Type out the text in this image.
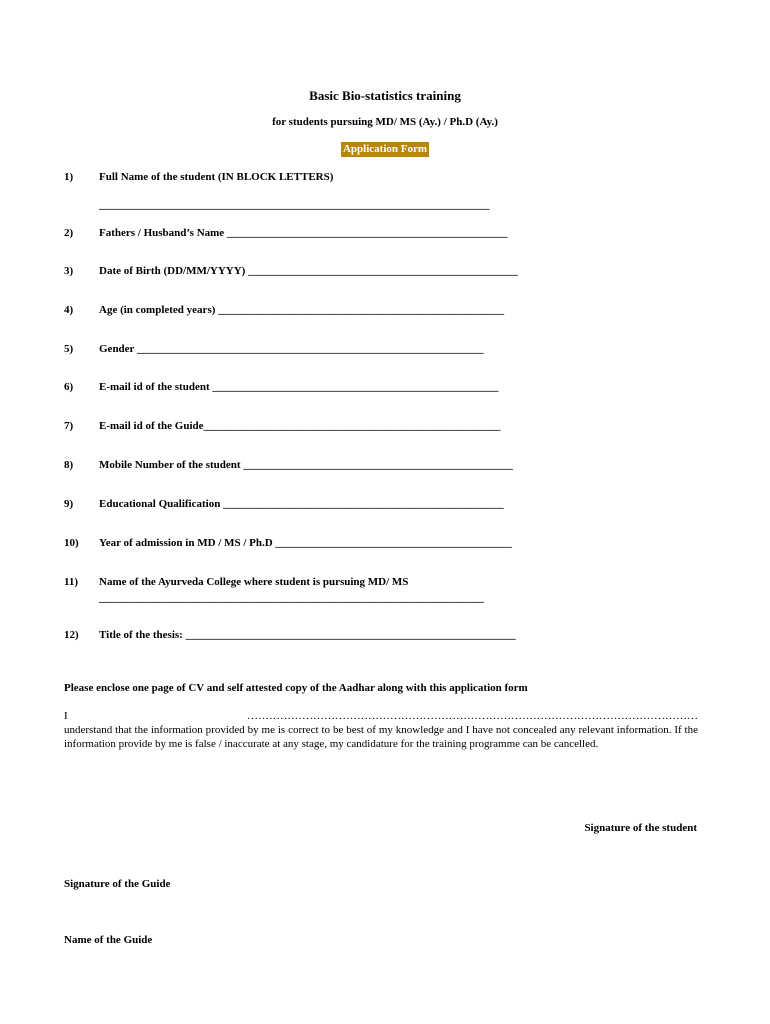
Basic Bio-statistics training
for students pursuing MD/ MS (Ay.) / Ph.D (Ay.)
Application Form
1) Full Name of the student (IN BLOCK LETTERS)
_______________________________________________________________________
2) Fathers / Husband’s Name ___________________________________________________
3) Date of Birth (DD/MM/YYYY) _________________________________________________
4) Age (in completed years) ____________________________________________________
5) Gender _______________________________________________________________
6) E-mail id of the student ____________________________________________________
7) E-mail id of the Guide______________________________________________________
8) Mobile Number of the student _________________________________________________
9) Educational Qualification ___________________________________________________
10) Year of admission in MD / MS / Ph.D ___________________________________________
11) Name of the Ayurveda College where student is pursuing MD/ MS
______________________________________________________________________
12) Title of the thesis: ____________________________________________________________
Please enclose one page of CV and self attested copy of the Aadhar along with this application form
I	……………………………………………………………………………………………………………
understand that the information provided by me is correct to be best of my knowledge and I have not concealed any relevant information. If the information provide by me is false / inaccurate at any stage, my candidature for the training programme can be cancelled.
Signature of the student
Signature of the Guide
Name of the Guide
